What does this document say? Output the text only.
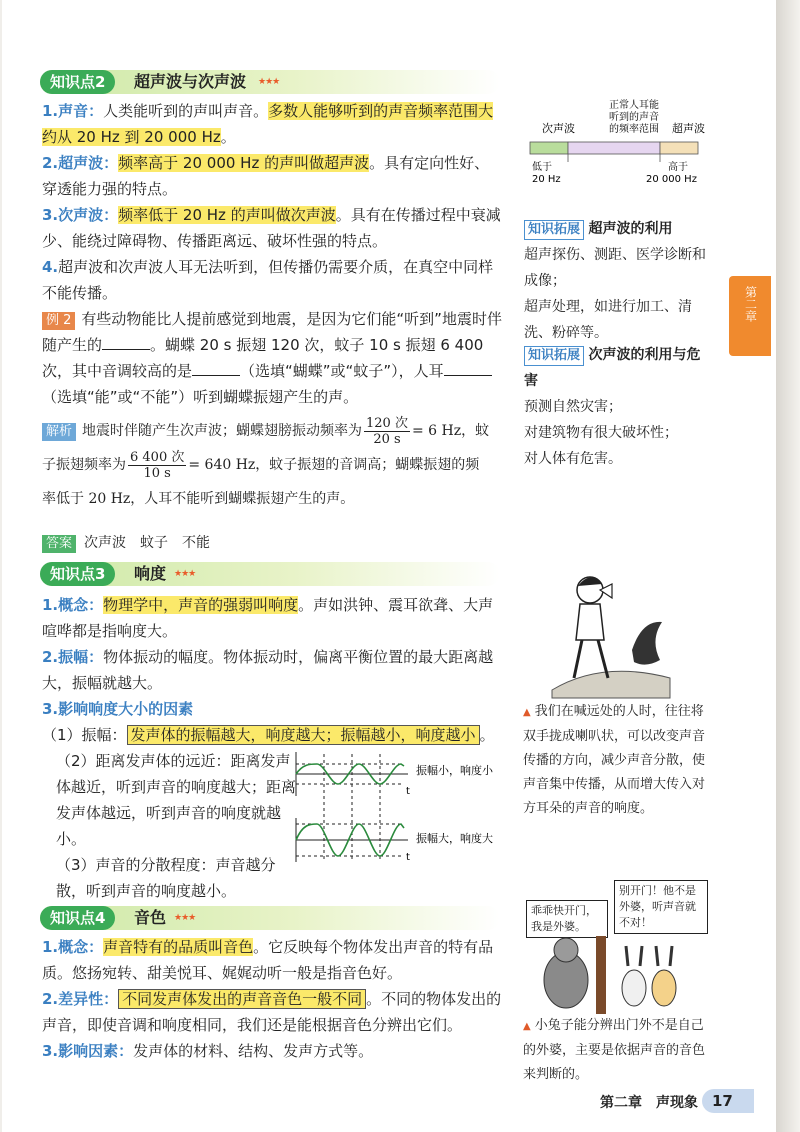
知识点2	超声波与次声波 ★★★
1.声音：人类能听到的声叫声音。多数人能够听到的声音频率范围大约从 20 Hz 到 20 000 Hz。
2.超声波：频率高于 20 000 Hz 的声叫做超声波。具有定向性好、穿透能力强的特点。
3.次声波：频率低于 20 Hz 的声叫做次声波。具有在传播过程中衰减少、能绕过障碍物、传播距离远、破坏性强的特点。
4.超声波和次声波人耳无法听到，但传播仍需要介质，在真空中同样不能传播。
例 2 有些动物能比人提前感觉到地震，是因为它们能“听到”地震时伴随产生的	。蝴蝶 20 s 振翅 120 次，蚊子 10 s 振翅 6 400 次，其中音调较高的是	（选填“蝴蝶”或“蚊子”），人耳（选填“能”或“不能”）听到蝴蝶振翅产生的声。
解析 地震时伴随产生次声波；蝴蝶翅膀振动频率为 $\frac{\text{120 次}}{20 s} = 6$ Hz，蚊
子振翅频率为 $\frac{\text{6 400 次}}{10 s} = 640$ Hz，蚊子振翅的音调高；蝴蝶振翅的频
率低于 20 Hz，人耳不能听到蝴蝶振翅产生的声。
答案 次声波　蚊子　不能
知识点3	响度 ★★★
1.概念：物理学中，声音的强弱叫响度。声如洪钟、震耳欲聋、大声喧哗都是指响度大。
2.振幅：物体振动的幅度。物体振动时，偏离平衡位置的最大距离越大，振幅就越大。
3.影响响度大小的因素
（1）振幅： 发声体的振幅越大，响度越大；振幅越小，响度越小 。
（2）距离发声体的远近：距离发声体越近，听到声音的响度越大；距离发声体越远，听到声音的响度就越小。
（3）声音的分散程度：声音越分散，听到声音的响度越小。
t
t
振幅小，响度小
振幅大，响度大
知识点4	音色 ★★★
1.概念：声音特有的品质叫音色。它反映每个物体发出声音的特有品质。悠扬宛转、甜美悦耳、娓娓动听一般是指音色好。
2.差异性： 不同发声体发出的声音音色一般不同 。不同的物体发出的声音，即使音调和响度相同，我们还是能根据音色分辨出它们。
3.影响因素：发声体的材料、结构、发声方式等。
正常人耳能
听到的声音
的频率范围
次声波	超声波
低于
20 Hz
高于
20 000 Hz
知识拓展 超声波的利用
超声探伤、测距、医学诊断和成像；
超声处理，如进行加工、清洗、粉碎等。
知识拓展 次声波的利用与危害
预测自然灾害；
对建筑物有很大破坏性；
对人体有危害。
▲ 我们在喊远处的人时，往往将双手拢成喇叭状，可以改变声音传播的方向，减少声音分散，使声音集中传播，从而增大传入对方耳朵的声音的响度。
乖乖快开门，我是外婆。
别开门！他不是外婆，听声音就不对！
▲ 小兔子能分辨出门外不是自己的外婆，主要是依据声音的音色来判断的。
第二章
第二章　声现象 17
